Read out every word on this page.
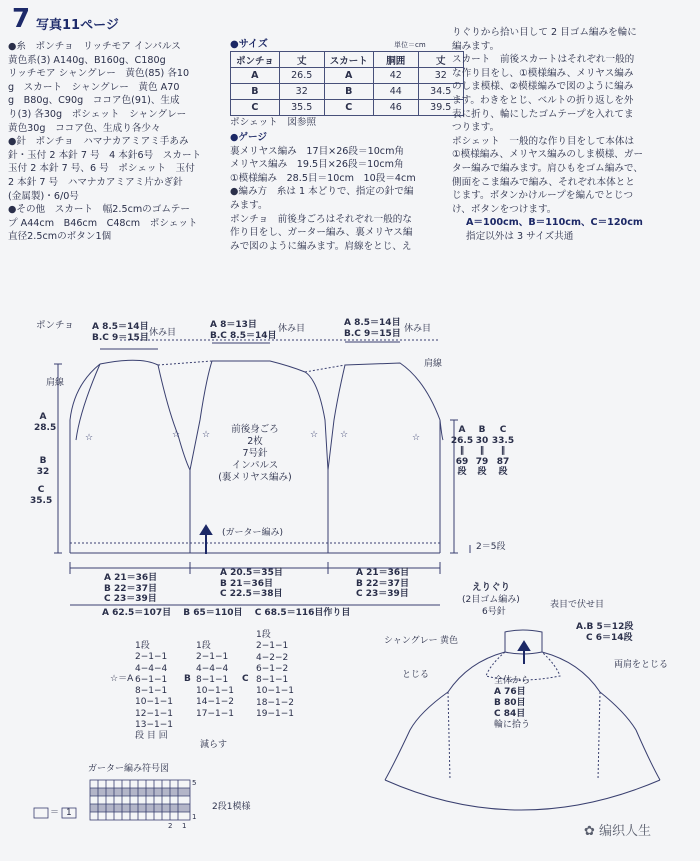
7 写真11ページ
●糸　ポンチョ　リッチモア インパルス
黄色系(3) A140g、B160g、C180g
リッチモア シャングレー　黄色(85) 各10
g　スカート　シャングレー　黄色 A70
g　B80g、C90g　ココア色(91)、生成
り(3) 各30g　ポシェット　シャングレー
黄色30g　ココア色、生成り各少々
●針　ポンチョ　ハマナカアミアミ手あみ
針・玉付 2 本針 7 号　4 本針6号　スカート
玉付 2 本針 7 号、6 号　ポシェット　玉付
2 本針 7 号　ハマナカアミアミ片かぎ針
(金属製)・6/0号
●その他　スカート　幅2.5cmのゴムテー
プ A44cm　B46cm　C48cm　ポシェット
直径2.5cmのボタン1個
●サイズ	単位＝cm
ポンチョ	丈	スカート	胴囲	丈
A	26.5	A	42	32
B	32	B	44	34.5
C	35.5	C	46	39.5
ポシェット　図参照
●ゲージ
裏メリヤス編み　17目×26段＝10cm角
メリヤス編み　19.5目×26段＝10cm角
①模様編み　28.5目＝10cm　10段＝4cm
●編み方　糸は 1 本どりで、指定の針で編
みます。
ポンチョ　前後身ごろはそれぞれ一般的な
作り目をし、ガーター編み、裏メリヤス編
みで図のように編みます。肩線をとじ、え
りぐりから拾い目して 2 目ゴム編みを輪に
編みます。
スカート　前後スカートはそれぞれ一般的
な作り目をし、①模様編み、メリヤス編み
のしま模様、②模様編みで図のように編み
ます。わきをとじ、ベルトの折り返しを外
表に折り、輪にしたゴムテープを入れてま
つります。
ポシェット　一般的な作り目をして本体は
①模様編み、メリヤス編みのしま模様、ガー
ター編みで編みます。肩ひもをゴム編みで、
側面をこま編みで編み、それぞれ本体とと
じます。ボタンかけループを編んでとじつ
け、ボタンをつけます。
A＝100cm、B＝110cm、C＝120cm
指定以外は 3 サイズ共通
☆	☆ ☆	☆ ☆	☆
ポンチョ A 8.5＝14目
B.C 9＝15目 休み目
A 8＝13目
B.C 8.5＝14目
休み目
A 8.5＝14目
B.C 9＝15目 休み目
肩線
肩線
前後身ごろ
2枚
7号針
インパルス
(裏メリヤス編み)
(ガーター編み)
A
28.5
B
32
C
35.5
A
26.5
‖
69
段
B
30
‖
79
段
C
33.5
‖
87
段
2＝5段
A 21＝36目
B 22＝37目
C 23＝39目
A 20.5＝35目
B 21＝36目
C 22.5＝38目
A 21＝36目
B 22＝37目
C 23＝39目
A 62.5＝107目　 B 65＝110目　 C 68.5＝116目作り目
☆＝A
1段
2−1−1
4−4−4
6−1−1
8−1−1
10−1−1
12−1−1
13−1−1
段 目 回
B
1段
2−1−1
4−4−4
8−1−1
10−1−1
14−1−2
17−1−1
C
1段
2−1−1
4−2−2
6−1−2
8−1−1
10−1−1
18−1−2
19−1−1
減らす
えりぐり
(2目ゴム編み)
6号針
表目で伏せ目
A.B 5＝12段
C 6＝14段
シャングレー 黄色
とじる
両肩をとじる
全体から
A 76目
B 80目
C 84目
輪に拾う
ガーター編み符号図
2段1模様
＝ 1
2 1
5
1
✿ 编织人生
